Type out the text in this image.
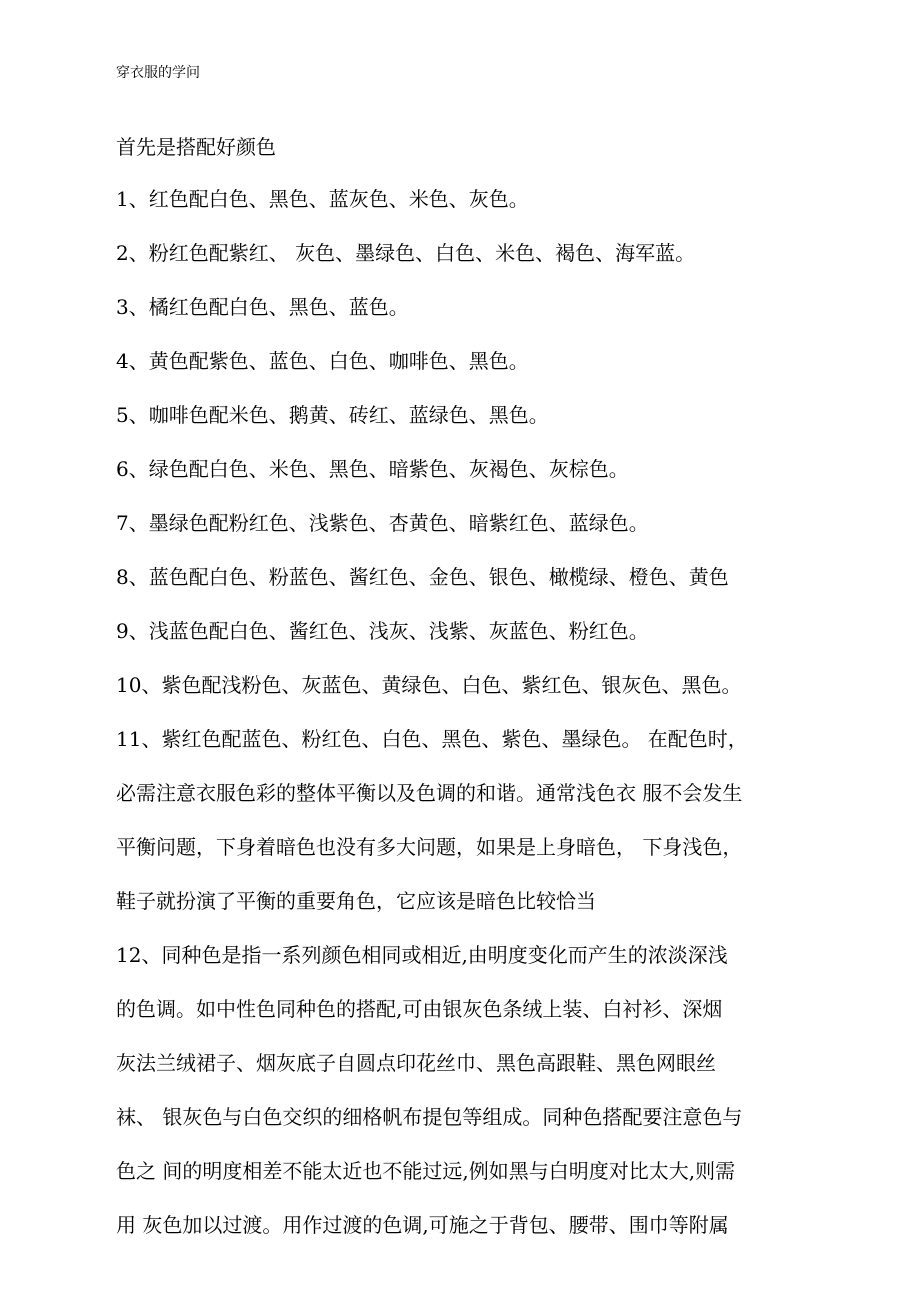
穿衣服的学问
首先是搭配好颜色
1、红色配白色、黑色、蓝灰色、米色、灰色。
2、粉红色配紫红、 灰色、墨绿色、白色、米色、褐色、海军蓝。
3、橘红色配白色、黑色、蓝色。
4、黄色配紫色、蓝色、白色、咖啡色、黑色。
5、咖啡色配米色、鹅黄、砖红、蓝绿色、黑色。
6、绿色配白色、米色、黑色、暗紫色、灰褐色、灰棕色。
7、墨绿色配粉红色、浅紫色、杏黄色、暗紫红色、蓝绿色。
8、蓝色配白色、粉蓝色、酱红色、金色、银色、橄榄绿、橙色、黄色
9、浅蓝色配白色、酱红色、浅灰、浅紫、灰蓝色、粉红色。
10、紫色配浅粉色、灰蓝色、黄绿色、白色、紫红色、银灰色、黑色。
11、紫红色配蓝色、粉红色、白色、黑色、紫色、墨绿色。 在配色时，
必需注意衣服色彩的整体平衡以及色调的和谐。通常浅色衣 服不会发生
平衡问题，下身着暗色也没有多大问题，如果是上身暗色， 下身浅色，
鞋子就扮演了平衡的重要角色，它应该是暗色比较恰当
12、同种色是指一系列颜色相同或相近,由明度变化而产生的浓淡深浅
的色调。如中性色同种色的搭配,可由银灰色条绒上装、白衬衫、深烟
灰法兰绒裙子、烟灰底子自圆点印花丝巾、黑色高跟鞋、黑色网眼丝
袜、 银灰色与白色交织的细格帆布提包等组成。同种色搭配要注意色与
色之 间的明度相差不能太近也不能过远,例如黑与白明度对比太大,则需
用 灰色加以过渡。用作过渡的色调,可施之于背包、腰带、围巾等附属
